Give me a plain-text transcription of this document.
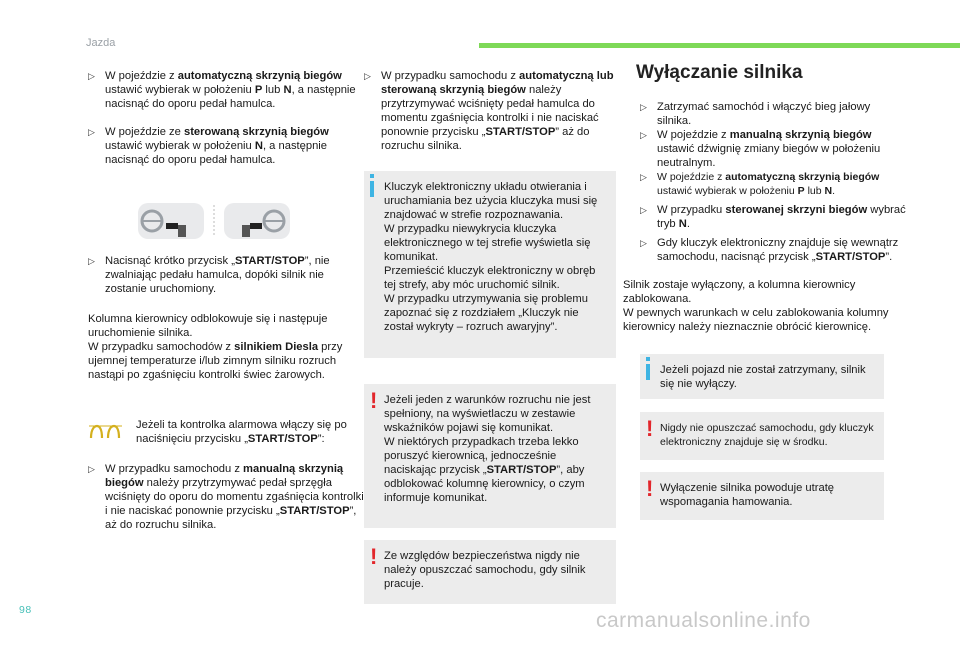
Jazda
▷ W pojeździe z automatyczną skrzynią biegów ustawić wybierak w położeniu P lub N, a następnie nacisnąć do oporu pedał hamulca.
▷ W pojeździe ze sterowaną skrzynią biegów ustawić wybierak w położeniu N, a następnie nacisnąć do oporu pedał hamulca.
▷ Nacisnąć krótko przycisk „START/STOP”, nie zwalniając pedału hamulca, dopóki silnik nie zostanie uruchomiony.
Kolumna kierownicy odblokowuje się i następuje uruchomienie silnika.
W przypadku samochodów z silnikiem Diesla przy ujemnej temperaturze i/lub zimnym silniku rozruch nastąpi po zgaśnięciu kontrolki świec żarowych.
Jeżeli ta kontrolka alarmowa włączy się po naciśnięciu przycisku „START/STOP”:
▷ W przypadku samochodu z manualną skrzynią biegów należy przytrzymywać pedał sprzęgła wciśnięty do oporu do momentu zgaśnięcia kontrolki i nie naciskać ponownie przycisku „START/STOP”, aż do rozruchu silnika.
▷ W przypadku samochodu z automatyczną lub sterowaną skrzynią biegów należy przytrzymywać wciśnięty pedał hamulca do momentu zgaśnięcia kontrolki i nie naciskać ponownie przycisku „START/STOP” aż do rozruchu silnika.
Kluczyk elektroniczny układu otwierania i uruchamiania bez użycia kluczyka musi się znajdować w strefie rozpoznawania.
W przypadku niewykrycia kluczyka elektronicznego w tej strefie wyświetla się komunikat.
Przemieścić kluczyk elektroniczny w obręb tej strefy, aby móc uruchomić silnik.
W przypadku utrzymywania się problemu zapoznać się z rozdziałem „Kluczyk nie został wykryty – rozruch awaryjny”.
! Jeżeli jeden z warunków rozruchu nie jest spełniony, na wyświetlaczu w zestawie wskaźników pojawi się komunikat.
W niektórych przypadkach trzeba lekko poruszyć kierownicą, jednocześnie naciskając przycisk „START/STOP”, aby odblokować kolumnę kierownicy, o czym informuje komunikat.
! Ze względów bezpieczeństwa nigdy nie należy opuszczać samochodu, gdy silnik pracuje.
Wyłączanie silnika
▷ Zatrzymać samochód i włączyć bieg jałowy silnika.
▷ W pojeździe z manualną skrzynią biegów ustawić dźwignię zmiany biegów w położeniu neutralnym.
▷ W pojeździe z automatyczną skrzynią biegów ustawić wybierak w położeniu P lub N.
▷ W przypadku sterowanej skrzyni biegów wybrać tryb N.
▷ Gdy kluczyk elektroniczny znajduje się wewnątrz samochodu, nacisnąć przycisk „START/STOP”.
Silnik zostaje wyłączony, a kolumna kierownicy zablokowana.
W pewnych warunkach w celu zablokowania kolumny kierownicy należy nieznacznie obrócić kierownicę.
Jeżeli pojazd nie został zatrzymany, silnik się nie wyłączy.
! Nigdy nie opuszczać samochodu, gdy kluczyk elektroniczny znajduje się w środku.
! Wyłączenie silnika powoduje utratę wspomagania hamowania.
98	carmanualsonline.info
